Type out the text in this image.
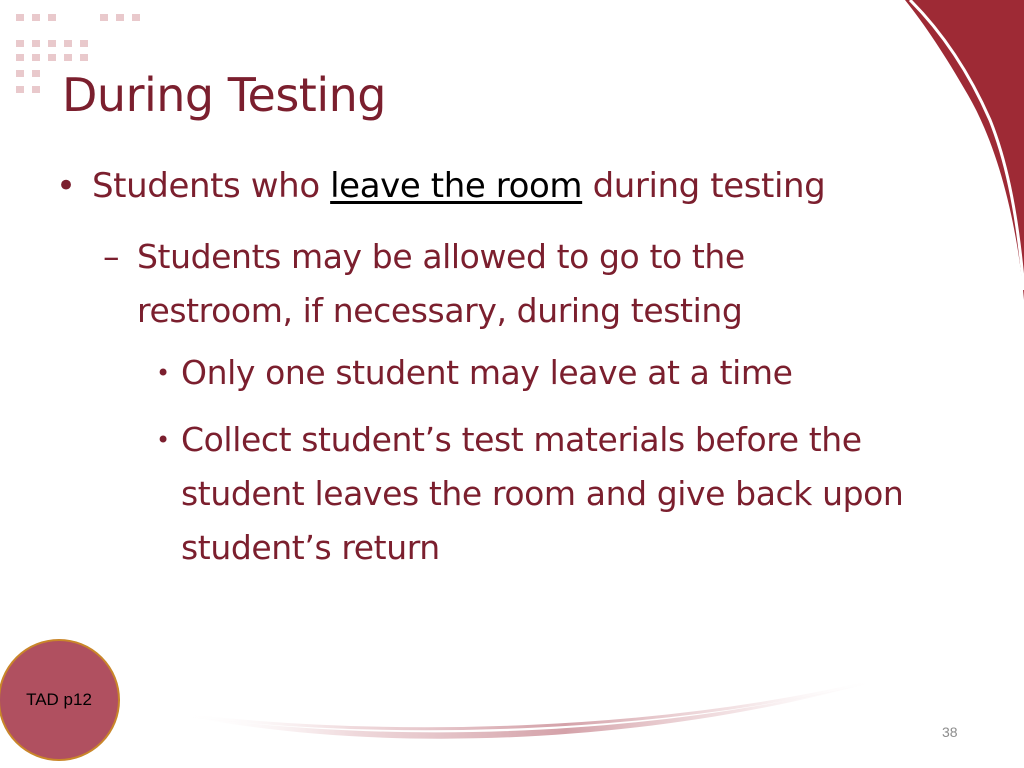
During Testing
• Students who leave the room during testing
– Students may be allowed to go to the restroom, if necessary, during testing
• Only one student may leave at a time
• Collect student’s test materials before the student leaves the room and give back upon student’s return
TAD p12
38
